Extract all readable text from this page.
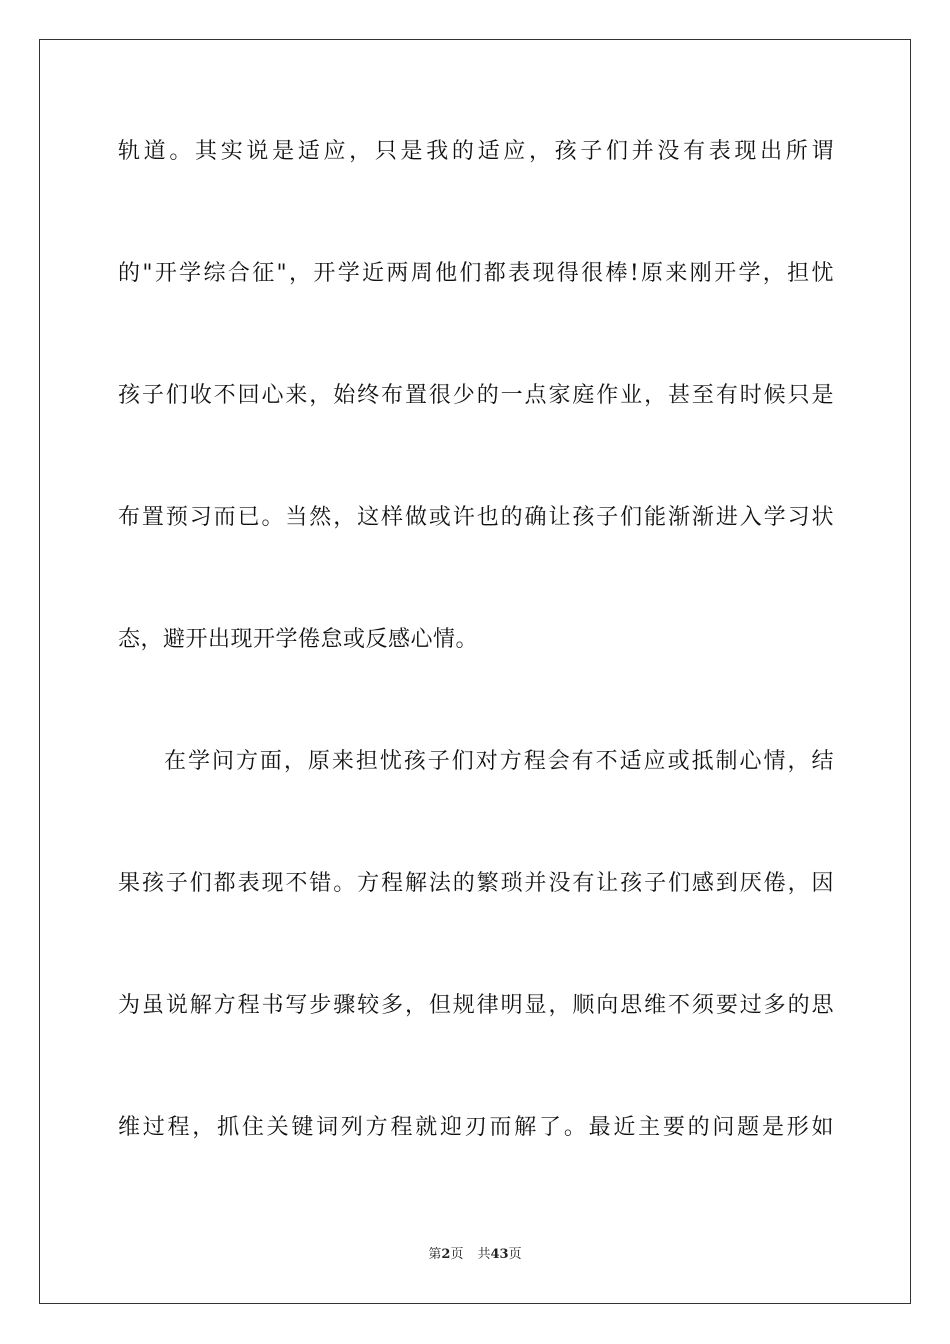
轨道。其实说是适应，只是我的适应，孩子们并没有表现出所谓
的"开学综合征"，开学近两周他们都表现得很棒!原来刚开学，担忧
孩子们收不回心来，始终布置很少的一点家庭作业，甚至有时候只是
布置预习而已。当然，这样做或许也的确让孩子们能渐渐进入学习状
态，避开出现开学倦怠或反感心情。
在学问方面，原来担忧孩子们对方程会有不适应或抵制心情，结
果孩子们都表现不错。方程解法的繁琐并没有让孩子们感到厌倦，因
为虽说解方程书写步骤较多，但规律明显，顺向思维不须要过多的思
维过程，抓住关键词列方程就迎刃而解了。最近主要的问题是形如
第2页 共43页
